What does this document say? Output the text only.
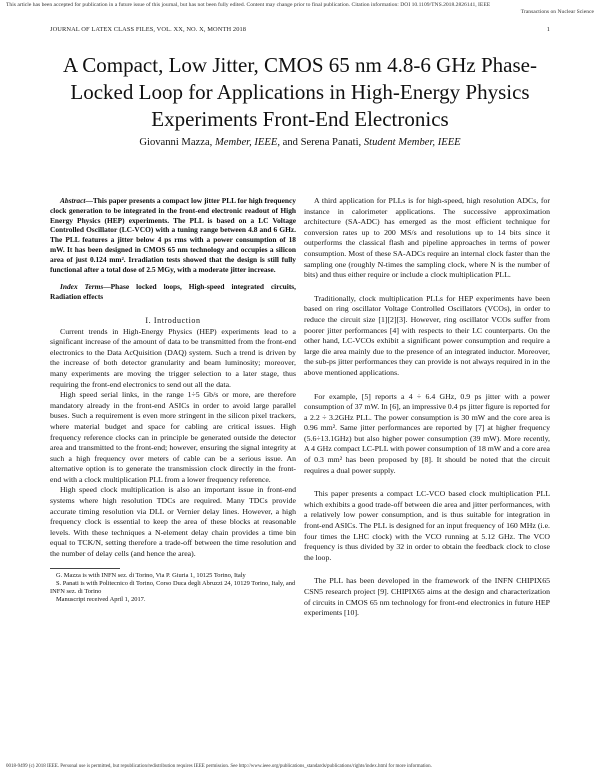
This article has been accepted for publication in a future issue of this journal, but has not been fully edited. Content may change prior to final publication. Citation information: DOI 10.1109/TNS.2018.2826141, IEEE
Transactions on Nuclear Science
JOURNAL OF LATEX CLASS FILES, VOL. XX, NO. X, MONTH 2018	1
A Compact, Low Jitter, CMOS 65 nm 4.8-6 GHz Phase-Locked Loop for Applications in High-Energy Physics Experiments Front-End Electronics
Giovanni Mazza, Member, IEEE, and Serena Panati, Student Member, IEEE

Abstract—This paper presents a compact low jitter PLL for high frequency clock generation to be integrated in the front-end electronic readout of High Energy Physics (HEP) experiments. The PLL is based on a LC Voltage Controlled Oscillator (LC-VCO) with a tuning range between 4.8 and 6 GHz. The PLL features a jitter below 4 ps rms with a power consumption of 18 mW. It has been designed in CMOS 65 nm technology and occupies a silicon area of just 0.124 mm². Irradiation tests showed that the design is still fully functional after a total dose of 2.5 MGy, with a moderate jitter increase.

Index Terms—Phase locked loops, High-speed integrated circuits, Radiation effects

I. Introduction

Current trends in High-Energy Physics (HEP) experiments lead to a significant increase of the amount of data to be transmitted from the front-end electronics to the Data AcQuisition (DAQ) system. Such a trend is driven by the increase of both detector granularity and beam luminosity; moreover, many experiments are moving the trigger selection to a later stage, thus requiring the front-end electronics to send out all the data.

High speed serial links, in the range 1÷5 Gb/s or more, are therefore mandatory already in the front-end ASICs in order to avoid large parallel buses. Such a requirement is even more stringent in the silicon pixel trackers, where material budget and space for cabling are critical issues. High frequency reference clocks can in principle be generated outside the detector area and transmitted to the front-end; however, ensuring the signal integrity at such a high frequency over meters of cable can be a serious issue. An alternative option is to generate the transmission clock directly in the front-end with a clock multiplication PLL from a lower frequency reference.

High speed clock multiplication is also an important issue in front-end systems where high resolution TDCs are required. Many TDCs provide accurate timing resolution via DLL or Vernier delay lines. However, a high frequency clock is essential to keep the area of these blocks at reasonable levels. With these techniques a N-element delay chain provides a time bin equal to TCK/N, setting therefore a trade-off between the time resolution and the number of delay cells (and hence the area).

G. Mazza is with INFN sez. di Torino, Via P. Giuria 1, 10125 Torino, Italy
S. Panati is with Politecnico di Torino, Corso Duca degli Abruzzi 24, 10129 Torino, Italy, and INFN sez. di Torino
Manuscript received April 1, 2017.

A third application for PLLs is for high-speed, high resolution ADCs, for instance in calorimeter applications. The successive approximation architecture (SA-ADC) has emerged as the most efficient technique for conversion rates up to 200 MS/s and resolutions up to 14 bits since it outperforms the classical flash and pipeline approaches in terms of power consumption. Most of these SA-ADCs require an internal clock faster than the sampling one (roughly N-times the sampling clock, where N is the number of bits) and thus either require or include a clock multiplication PLL.

Traditionally, clock multiplication PLLs for HEP experiments have been based on ring oscillator Voltage Controlled Oscillators (VCOs), in order to reduce the circuit size [1][2][3]. However, ring oscillator VCOs suffer from poorer jitter performances [4] with respects to their LC counterparts. On the other hand, LC-VCOs exhibit a significant power consumption and require a large die area mainly due to the presence of an integrated inductor. Moreover, the sub-ps jitter performances they can provide is not always required in in the above mentioned applications.

For example, [5] reports a 4 ÷ 6.4 GHz, 0.9 ps jitter with a power consumption of 37 mW. In [6], an impressive 0.4 ps jitter figure is reported for a 2.2 ÷ 3.2GHz PLL. The power consumption is 30 mW and the core area is 0.96 mm². Same jitter performances are reported by [7] at higher frequency (5.6÷13.1GHz) but also higher power consumption (39 mW). More recently, A 4 GHz compact LC-PLL with power consumption of 18 mW and a core area of 0.3 mm² has been proposed by [8]. It should be noted that the circuit requires a dual power supply.

This paper presents a compact LC-VCO based clock multiplication PLL which exhibits a good trade-off between die area and jitter performances, with a relatively low power consumption, and is thus suitable for integration in front-end ASICs. The PLL is designed for an input frequency of 160 MHz (i.e. four times the LHC clock) with the VCO running at 5.12 GHz. The VCO frequency is thus divided by 32 in order to obtain the feedback clock to close the loop.

The PLL has been developed in the framework of the INFN CHIPIX65 CSN5 research project [9]. CHIPIX65 aims at the design and characterization of circuits in CMOS 65 nm technology for front-end electronics in future HEP experiments [10].

0018-9499 (c) 2018 IEEE. Personal use is permitted, but republication/redistribution requires IEEE permission. See http://www.ieee.org/publications_standards/publications/rights/index.html for more information.
